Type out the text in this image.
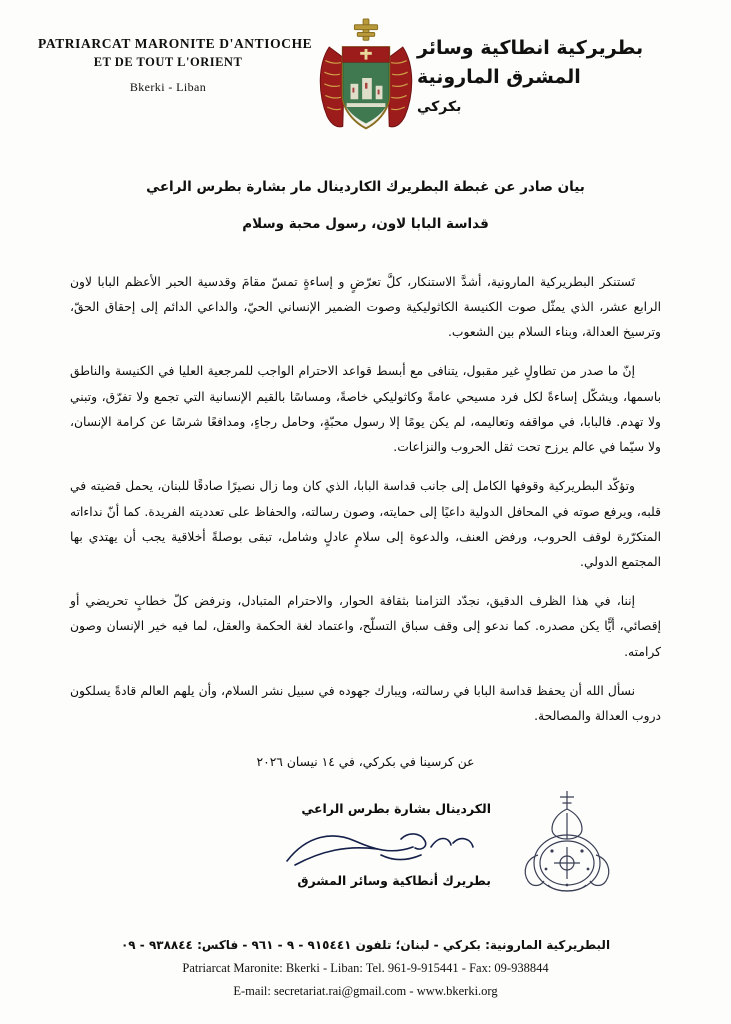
PATRIARCAT MARONITE D'ANTIOCHE
ET DE TOUT L'ORIENT
Bkerki - Liban
بطريركية انطاكية وسائر المشرق المارونية
بكركي
بيان صادر عن غبطة البطريرك الكاردينال مار بشارة بطرس الراعي
قداسة البابا لاون، رسول محبة وسلام

تَستنكر البطريركية المارونية، أشدَّ الاستنكار، كلَّ تعرّضٍ و إساءةٍ تمسّ مقامَ وقدسية الحبر الأعظم البابا لاون الرابع عشر، الذي يمثّل صوت الكنيسة الكاثوليكية وصوت الضمير الإنساني الحيّ، والداعي الدائم إلى إحقاق الحقّ، وترسيخ العدالة، وبناء السلام بين الشعوب.

إنّ ما صدر من تطاولٍ غير مقبول، يتنافى مع أبسط قواعد الاحترام الواجب للمرجعية العليا في الكنيسة والناطق باسمها، ويشكّل إساءةً لكل فرد مسيحي عامةً وكاثوليكي خاصةً، ومساسًا بالقيم الإنسانية التي تجمع ولا تفرّق، وتبني ولا تهدم. فالبابا، في مواقفه وتعاليمه، لم يكن يومًا إلا رسول محبّةٍ، وحامل رجاءٍ، ومدافعًا شرسًا عن كرامة الإنسان، ولا سيّما في عالم يرزح تحت ثقل الحروب والنزاعات.

وتؤكّد البطريركية وقوفها الكامل إلى جانب قداسة البابا، الذي كان وما زال نصيرًا صادقًا للبنان، يحمل قضيته في قلبه، ويرفع صوته في المحافل الدولية داعيًا إلى حمايته، وصون رسالته، والحفاظ على تعدديته الفريدة. كما أنّ نداءاته المتكرّرة لوقف الحروب، ورفض العنف، والدعوة إلى سلامٍ عادلٍ وشامل، تبقى بوصلةً أخلاقية يجب أن يهتدي بها المجتمع الدولي.

إننا، في هذا الظرف الدقيق، نجدّد التزامنا بثقافة الحوار، والاحترام المتبادل، ونرفض كلّ خطابٍ تحريضي أو إقصائي، أيًّا يكن مصدره. كما ندعو إلى وقف سباق التسلّح، واعتماد لغة الحكمة والعقل، لما فيه خير الإنسان وصون كرامته.

نسأل الله أن يحفظ قداسة البابا في رسالته، ويبارك جهوده في سبيل نشر السلام، وأن يلهم العالم قادةً يسلكون دروب العدالة والمصالحة.

عن كرسينا في بكركي، في ١٤ نيسان ٢٠٢٦
الكردينال بشارة بطرس الراعي
بطريرك أنطاكية وسائر المشرق
البطريركية المارونية: بكركي - لبنان؛ تلفون ٩١٥٤٤١ - ٩ - ٩٦١ - فاكس: ٩٣٨٨٤٤ - ٠٩
Patriarcat Maronite: Bkerki - Liban: Tel. 961-9-915441 - Fax: 09-938844
E-mail: secretariat.rai@gmail.com - www.bkerki.org
